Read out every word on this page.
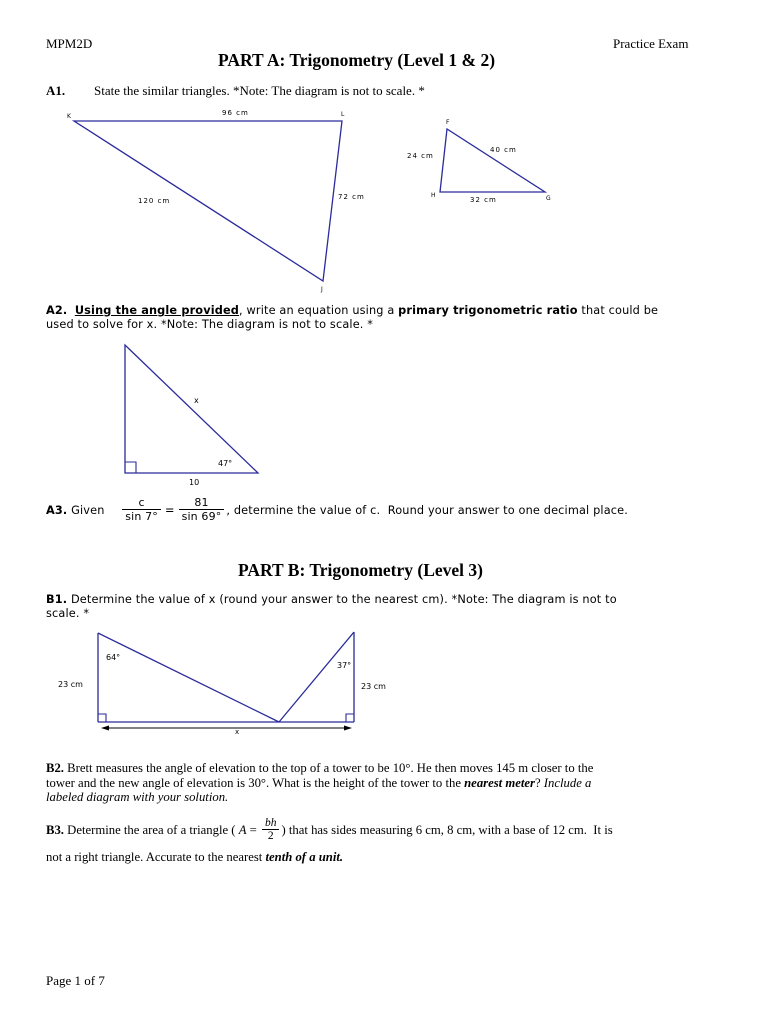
MPM2D	Practice Exam
PART A: Trigonometry (Level 1 & 2)
A1. State the similar triangles. *Note: The diagram is not to scale. *
K	L
J
96 cm
120 cm	72 cm
F
H	G
24 cm
40 cm
32 cm
x
47°
10
64°
37°
23 cm	23 cm
x
A2. Using the angle provided, write an equation using a primary trigonometric ratio that could be
used to solve for x. *Note: The diagram is not to scale. *
A3. Given $\frac{c}{\sin 7^\circ} = \frac{81}{\sin 69^\circ}$ , determine the value of c.  Round your answer to one decimal place.
PART B: Trigonometry (Level 3)
B1. Determine the value of x (round your answer to the nearest cm). *Note: The diagram is not to
scale. *
B2. Brett measures the angle of elevation to the top of a tower to be 10°. He then moves 145 m closer to the
tower and the new angle of elevation is 30°. What is the height of the tower to the nearest meter? Include a
labeled diagram with your solution.
B3. Determine the area of a triangle ( $A = \frac{bh}{2}$ ) that has sides measuring 6 cm, 8 cm, with a base of 12 cm.  It is
not a right triangle. Accurate to the nearest tenth of a unit.
Page 1 of 7
